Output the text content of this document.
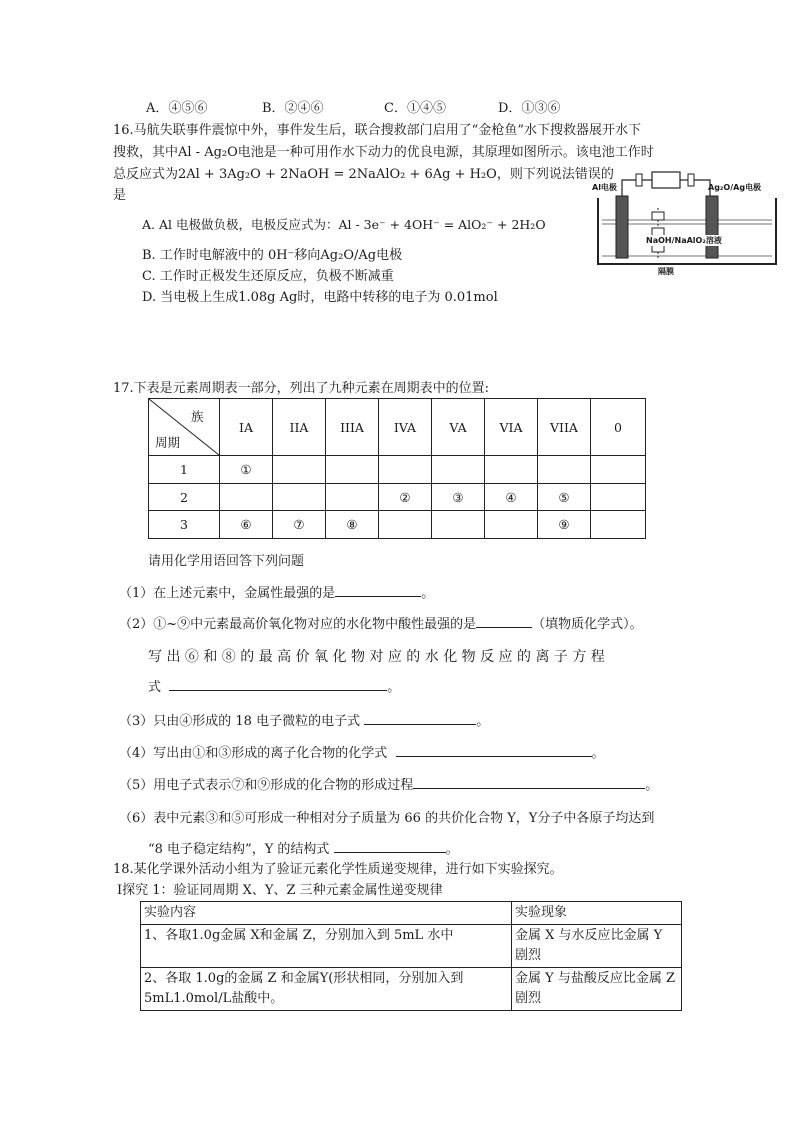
A．④⑤⑥	B．②④⑥	C．①④⑤	D．①③⑥
16.马航失联事件震惊中外，事件发生后，联合搜救部门启用了“金枪鱼”水下搜救器展开水下
搜救，其中Al - Ag₂O电池是一种可用作水下动力的优良电源，其原理如图所示。该电池工作时
总反应式为2Al + 3Ag₂O + 2NaOH = 2NaAlO₂ + 6Ag + H₂O，则下列说法错误的
是
A. Al 电极做负极，电极反应式为：Al - 3e⁻ + 4OH⁻ = AlO₂⁻ + 2H₂O
B. 工作时电解液中的 0H⁻移向Ag₂O/Ag电极
C. 工作时正极发生还原反应，负极不断减重
D. 当电极上生成1.08g Ag时，电路中转移的电子为 0.01mol
Al电极	Ag₂O/Ag电极
NaOH/NaAlO₂溶液
隔膜
17.下表是元素周期表一部分，列出了九种元素在周期表中的位置:
族
周期	IA	IIA	IIIA	IVA	VA	VIA	VIIA	0
1	①							
2				②	③	④	⑤	
3	⑥	⑦	⑧				⑨	
请用化学用语回答下列问题
（1）在上述元素中，金属性最强的是	。
（2）①~⑨中元素最高价氧化物对应的水化物中酸性最强的是	（填物质化学式）。
写 出 ⑥ 和 ⑧ 的 最 高 价 氧 化 物 对 应 的 水 化 物 反 应 的 离 子 方 程
式	。
（3）只由④形成的 18 电子微粒的电子式	。
（4）写出由①和③形成的离子化合物的化学式	。
（5）用电子式表示⑦和⑨形成的化合物的形成过程	。
（6）表中元素③和⑤可形成一种相对分子质量为 66 的共价化合物 Y，Y分子中各原子均达到
“8 电子稳定结构”，Y 的结构式	。
18.某化学课外活动小组为了验证元素化学性质递变规律，进行如下实验探究。
Ⅰ探究 1：验证同周期 X、Y、Z 三种元素金属性递变规律
实验内容	实验现象
1、各取1.0g金属 X和金属 Z，分别加入到 5mL 水中	金属 X 与水反应比金属 Y 剧烈
2、各取 1.0g的金属 Z 和金属Y(形状相同，分别加入到 5mL1.0mol/L盐酸中。	金属 Y 与盐酸反应比金属 Z 剧烈
